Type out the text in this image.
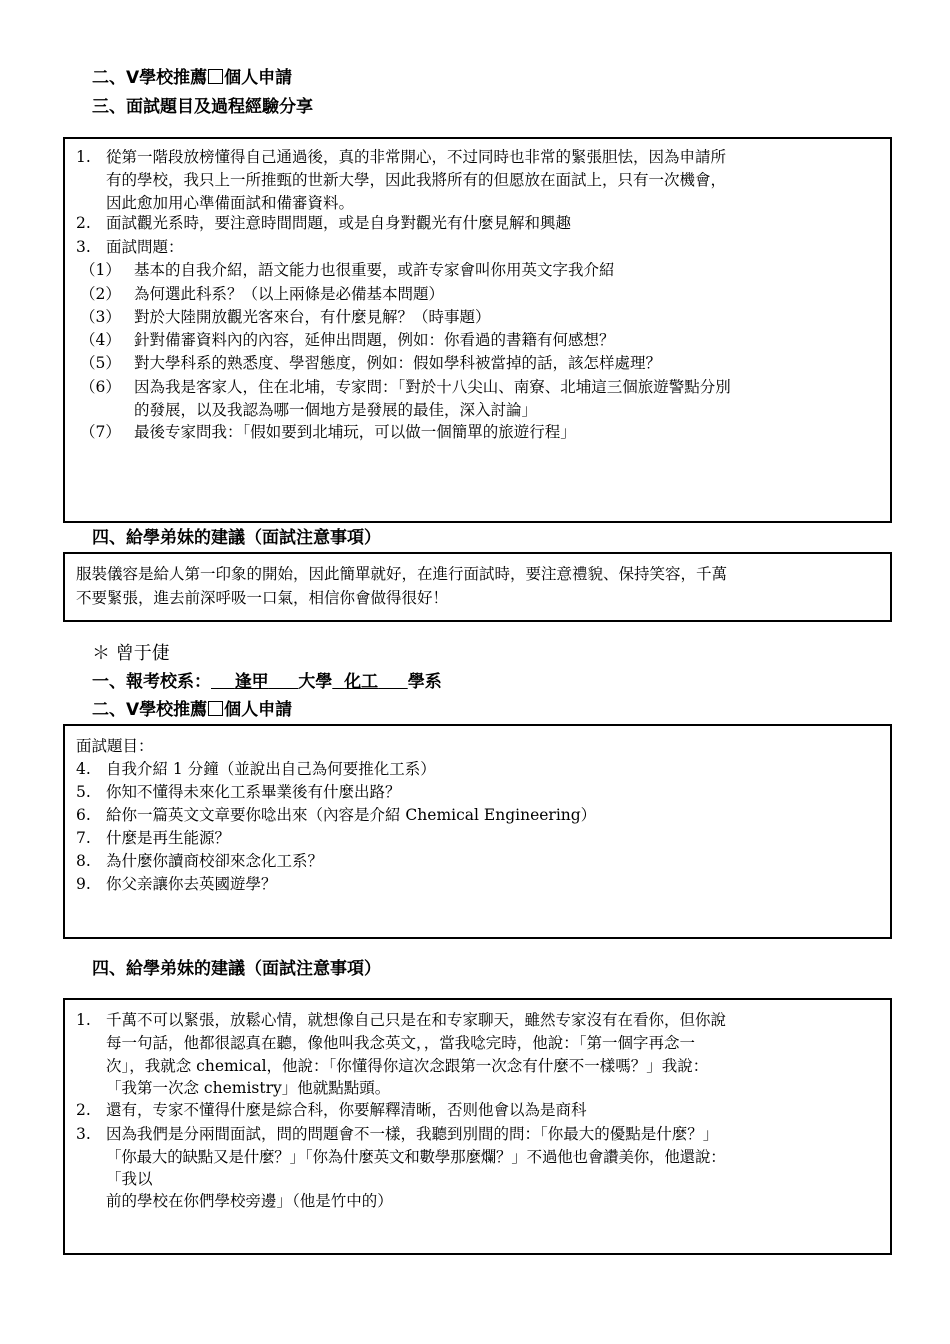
二、V學校推薦 個人申請
三、面試題目及過程經驗分享
1. 從第一階段放榜懂得自己通過後，真的非常開心，不过同時也非常的緊張胆怯，因為申請所
有的學校，我只上一所推甄的世新大學，因此我將所有的但愿放在面試上，只有一次機會，
因此愈加用心準備面試和備審資料。
2. 面試觀光系時，要注意時間問題，或是自身對觀光有什麼見解和興趣
3. 面試問題：
（1） 基本的自我介紹，語文能力也很重要，或許专家會叫你用英文字我介紹
（2） 為何選此科系？（以上兩條是必備基本問題）
（3） 對於大陸開放觀光客來台，有什麼見解？（時事題）
（4） 針對備審資料內的內容，延伸出問題，例如：你看過的書籍有何感想？
（5） 對大學科系的熟悉度、學習態度，例如：假如學科被當掉的話，該怎样處理？
（6） 因為我是客家人，住在北埔，专家問：「對於十八尖山、南寮、北埔這三個旅遊警點分別
的發展，以及我認為哪一個地方是發展的最佳，深入討論」
（7） 最後专家問我：「假如要到北埔玩，可以做一個簡單的旅遊行程」
四、給學弟妹的建議（面試注意事項）
服裝儀容是給人第一印象的開始，因此簡單就好，在進行面試時，要注意禮貌、保持笑容，千萬
不要緊張，進去前深呼吸一口氣，相信你會做得很好！
＊ 曾于倢
一、報考校系： 逢甲 大學 化工 學系
二、V學校推薦 個人申請
面試題目：
4. 自我介紹 1 分鐘（並說出自己為何要推化工系）
5. 你知不懂得未來化工系畢業後有什麼出路？
6. 給你一篇英文文章要你唸出來（內容是介紹 Chemical Engineering）
7. 什麼是再生能源？
8. 為什麼你讀商校卻來念化工系？
9. 你父亲讓你去英國遊學？
四、給學弟妹的建議（面試注意事項）
1. 千萬不可以緊張，放鬆心情，就想像自己只是在和专家聊天，雖然专家沒有在看你，但你說
每一句話，他都很認真在聽，像他叫我念英文，，當我唸完時，他說：「第一個字再念一
次」，我就念 chemical，他說：「你懂得你這次念跟第一次念有什麼不一樣嗎？」我說：
「我第一次念 chemistry」他就點點頭。
2. 還有，专家不懂得什麼是綜合科，你要解釋清晰，否则他會以為是商科
3. 因為我們是分兩間面試，問的問題會不一樣，我聽到別間的問：「你最大的優點是什麼？」
「你最大的缺點又是什麼？」「你為什麼英文和數學那麼爛？」不過他也會讚美你，他還說：
「我以
前的學校在你們學校旁邊」（他是竹中的）
